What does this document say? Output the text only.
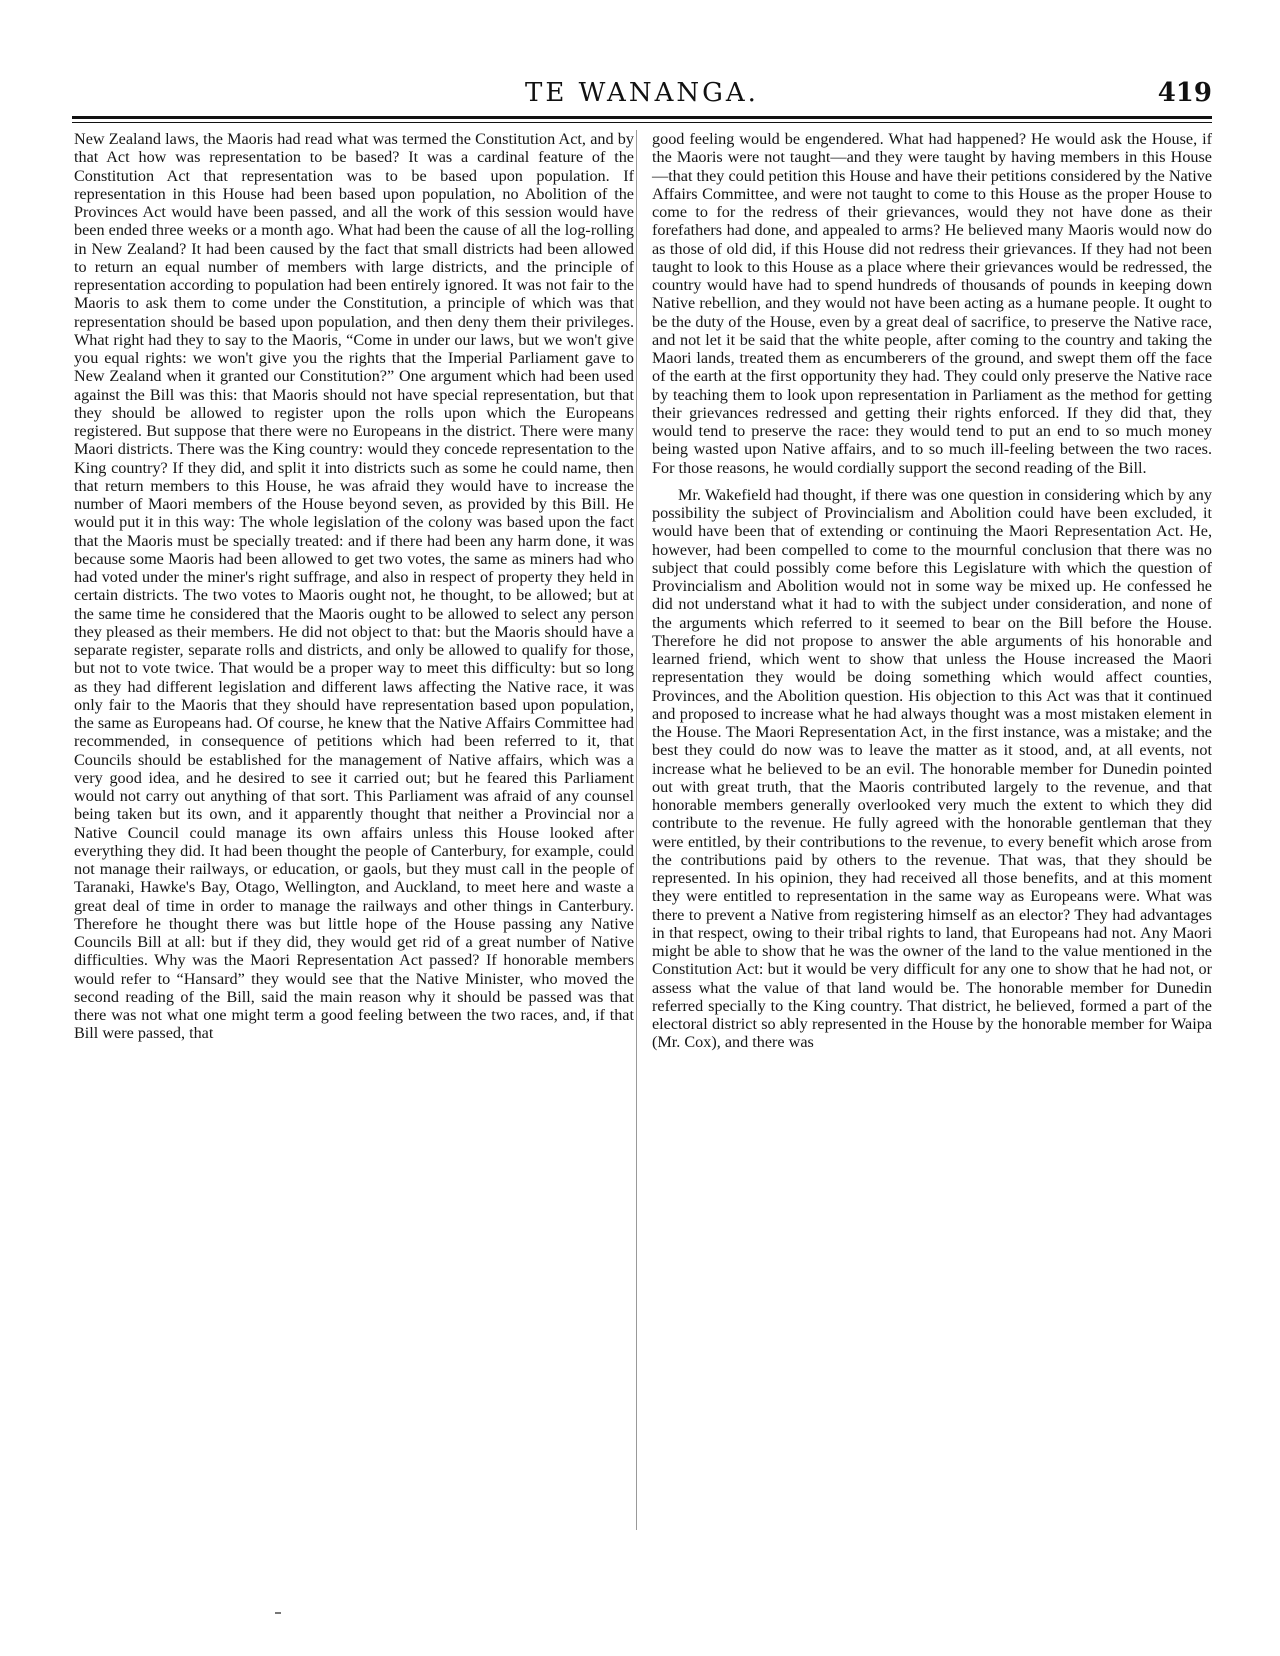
TE WANANGA.	419

New Zealand laws, the Maoris had read what was termed the Constitution Act, and by that Act how was representation to be based? It was a cardinal feature of the Constitution Act that representation was to be based upon population. If representation in this House had been based upon population, no Abolition of the Provinces Act would have been passed, and all the work of this session would have been ended three weeks or a month ago. What had been the cause of all the log-rolling in New Zealand? It had been caused by the fact that small districts had been allowed to return an equal number of members with large districts, and the principle of representation according to population had been entirely ignored. It was not fair to the Maoris to ask them to come under the Constitution, a principle of which was that representation should be based upon population, and then deny them their privileges. What right had they to say to the Maoris, “Come in under our laws, but we won't give you equal rights: we won't give you the rights that the Imperial Parliament gave to New Zealand when it granted our Constitution?” One argument which had been used against the Bill was this: that Maoris should not have special representation, but that they should be allowed to register upon the rolls upon which the Europeans registered. But suppose that there were no Europeans in the district. There were many Maori districts. There was the King country: would they concede representation to the King country? If they did, and split it into districts such as some he could name, then that return members to this House, he was afraid they would have to increase the number of Maori members of the House beyond seven, as provided by this Bill. He would put it in this way: The whole legislation of the colony was based upon the fact that the Maoris must be specially treated: and if there had been any harm done, it was because some Maoris had been allowed to get two votes, the same as miners had who had voted under the miner's right suffrage, and also in respect of property they held in certain districts. The two votes to Maoris ought not, he thought, to be allowed; but at the same time he considered that the Maoris ought to be allowed to select any person they pleased as their members. He did not object to that: but the Maoris should have a separate register, separate rolls and districts, and only be allowed to qualify for those, but not to vote twice. That would be a proper way to meet this difficulty: but so long as they had different legislation and different laws affecting the Native race, it was only fair to the Maoris that they should have representation based upon population, the same as Europeans had. Of course, he knew that the Native Affairs Committee had recommended, in consequence of petitions which had been referred to it, that Councils should be established for the management of Native affairs, which was a very good idea, and he desired to see it carried out; but he feared this Parliament would not carry out anything of that sort. This Parliament was afraid of any counsel being taken but its own, and it apparently thought that neither a Provincial nor a Native Council could manage its own affairs unless this House looked after everything they did. It had been thought the people of Canterbury, for example, could not manage their railways, or education, or gaols, but they must call in the people of Taranaki, Hawke's Bay, Otago, Wellington, and Auckland, to meet here and waste a great deal of time in order to manage the railways and other things in Canterbury. Therefore he thought there was but little hope of the House passing any Native Councils Bill at all: but if they did, they would get rid of a great number of Native difficulties. Why was the Maori Representation Act passed? If honorable members would refer to “Hansard” they would see that the Native Minister, who moved the second reading of the Bill, said the main reason why it should be passed was that there was not what one might term a good feeling between the two races, and, if that Bill were passed, that

good feeling would be engendered. What had happened? He would ask the House, if the Maoris were not taught—and they were taught by having members in this House—that they could petition this House and have their petitions considered by the Native Affairs Committee, and were not taught to come to this House as the proper House to come to for the redress of their grievances, would they not have done as their forefathers had done, and appealed to arms? He believed many Maoris would now do as those of old did, if this House did not redress their grievances. If they had not been taught to look to this House as a place where their grievances would be redressed, the country would have had to spend hundreds of thousands of pounds in keeping down Native rebellion, and they would not have been acting as a humane people. It ought to be the duty of the House, even by a great deal of sacrifice, to preserve the Native race, and not let it be said that the white people, after coming to the country and taking the Maori lands, treated them as encumberers of the ground, and swept them off the face of the earth at the first opportunity they had. They could only preserve the Native race by teaching them to look upon representation in Parliament as the method for getting their grievances redressed and getting their rights enforced. If they did that, they would tend to preserve the race: they would tend to put an end to so much money being wasted upon Native affairs, and to so much ill-feeling between the two races. For those reasons, he would cordially support the second reading of the Bill.

Mr. Wakefield had thought, if there was one question in considering which by any possibility the subject of Provincialism and Abolition could have been excluded, it would have been that of extending or continuing the Maori Representation Act. He, however, had been compelled to come to the mournful conclusion that there was no subject that could possibly come before this Legislature with which the question of Provincialism and Abolition would not in some way be mixed up. He confessed he did not understand what it had to with the subject under consideration, and none of the arguments which referred to it seemed to bear on the Bill before the House. Therefore he did not propose to answer the able arguments of his honorable and learned friend, which went to show that unless the House increased the Maori representation they would be doing something which would affect counties, Provinces, and the Abolition question. His objection to this Act was that it continued and proposed to increase what he had always thought was a most mistaken element in the House. The Maori Representation Act, in the first instance, was a mistake; and the best they could do now was to leave the matter as it stood, and, at all events, not increase what he believed to be an evil. The honorable member for Dunedin pointed out with great truth, that the Maoris contributed largely to the revenue, and that honorable members generally overlooked very much the extent to which they did contribute to the revenue. He fully agreed with the honorable gentleman that they were entitled, by their contributions to the revenue, to every benefit which arose from the contributions paid by others to the revenue. That was, that they should be represented. In his opinion, they had received all those benefits, and at this moment they were entitled to representation in the same way as Europeans were. What was there to prevent a Native from registering himself as an elector? They had advantages in that respect, owing to their tribal rights to land, that Europeans had not. Any Maori might be able to show that he was the owner of the land to the value mentioned in the Constitution Act: but it would be very difficult for any one to show that he had not, or assess what the value of that land would be. The honorable member for Dunedin referred specially to the King country. That district, he believed, formed a part of the electoral district so ably represented in the House by the honorable member for Waipa (Mr. Cox), and there was
